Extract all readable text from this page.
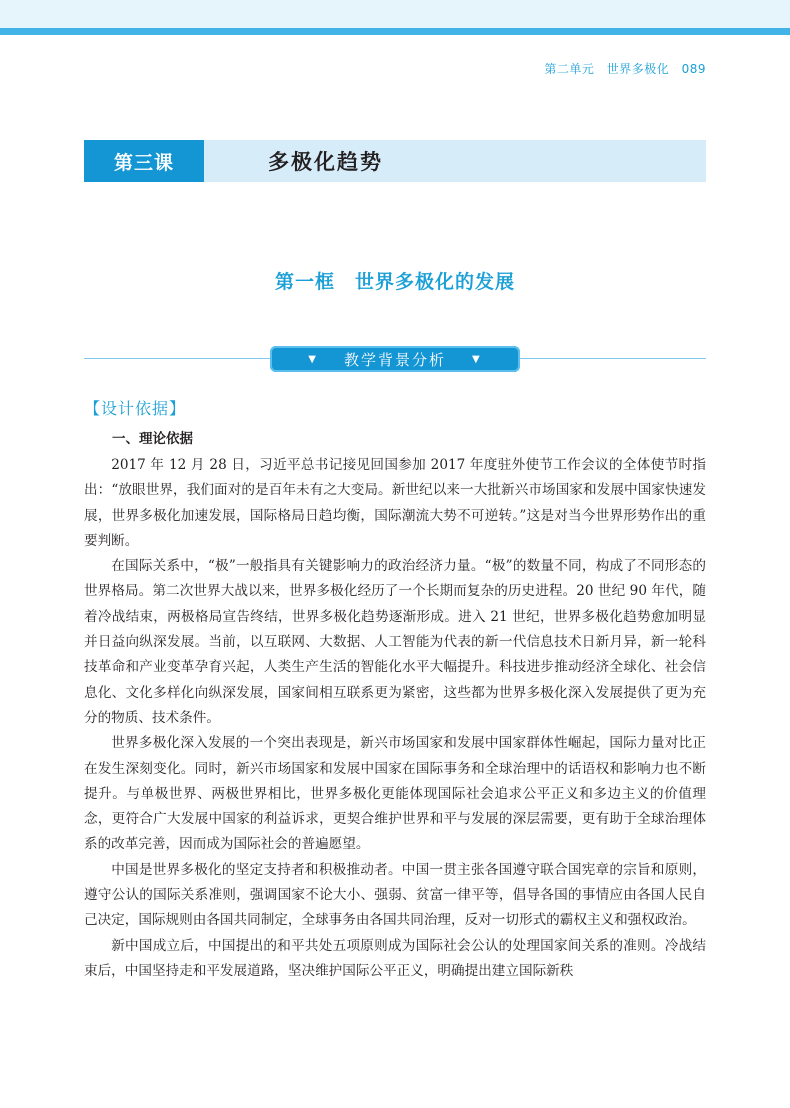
第二单元 世界多极化 089
第三课	多极化趋势
第一框 世界多极化的发展
▼ 教学背景分析	▼
【设计依据】
一、理论依据

2017 年 12 月 28 日，习近平总书记接见回国参加 2017 年度驻外使节工作会议的全体使节时指出：“放眼世界，我们面对的是百年未有之大变局。新世纪以来一大批新兴市场国家和发展中国家快速发展，世界多极化加速发展，国际格局日趋均衡，国际潮流大势不可逆转。”这是对当今世界形势作出的重要判断。

在国际关系中，“极”一般指具有关键影响力的政治经济力量。“极”的数量不同，构成了不同形态的世界格局。第二次世界大战以来，世界多极化经历了一个长期而复杂的历史进程。20 世纪 90 年代，随着冷战结束，两极格局宣告终结，世界多极化趋势逐渐形成。进入 21 世纪，世界多极化趋势愈加明显并日益向纵深发展。当前，以互联网、大数据、人工智能为代表的新一代信息技术日新月异，新一轮科技革命和产业变革孕育兴起，人类生产生活的智能化水平大幅提升。科技进步推动经济全球化、社会信息化、文化多样化向纵深发展，国家间相互联系更为紧密，这些都为世界多极化深入发展提供了更为充分的物质、技术条件。

世界多极化深入发展的一个突出表现是，新兴市场国家和发展中国家群体性崛起，国际力量对比正在发生深刻变化。同时，新兴市场国家和发展中国家在国际事务和全球治理中的话语权和影响力也不断提升。与单极世界、两极世界相比，世界多极化更能体现国际社会追求公平正义和多边主义的价值理念，更符合广大发展中国家的利益诉求，更契合维护世界和平与发展的深层需要，更有助于全球治理体系的改革完善，因而成为国际社会的普遍愿望。

中国是世界多极化的坚定支持者和积极推动者。中国一贯主张各国遵守联合国宪章的宗旨和原则，遵守公认的国际关系准则，强调国家不论大小、强弱、贫富一律平等，倡导各国的事情应由各国人民自己决定，国际规则由各国共同制定，全球事务由各国共同治理，反对一切形式的霸权主义和强权政治。

新中国成立后，中国提出的和平共处五项原则成为国际社会公认的处理国家间关系的准则。冷战结束后，中国坚持走和平发展道路，坚决维护国际公平正义，明确提出建立国际新秩
